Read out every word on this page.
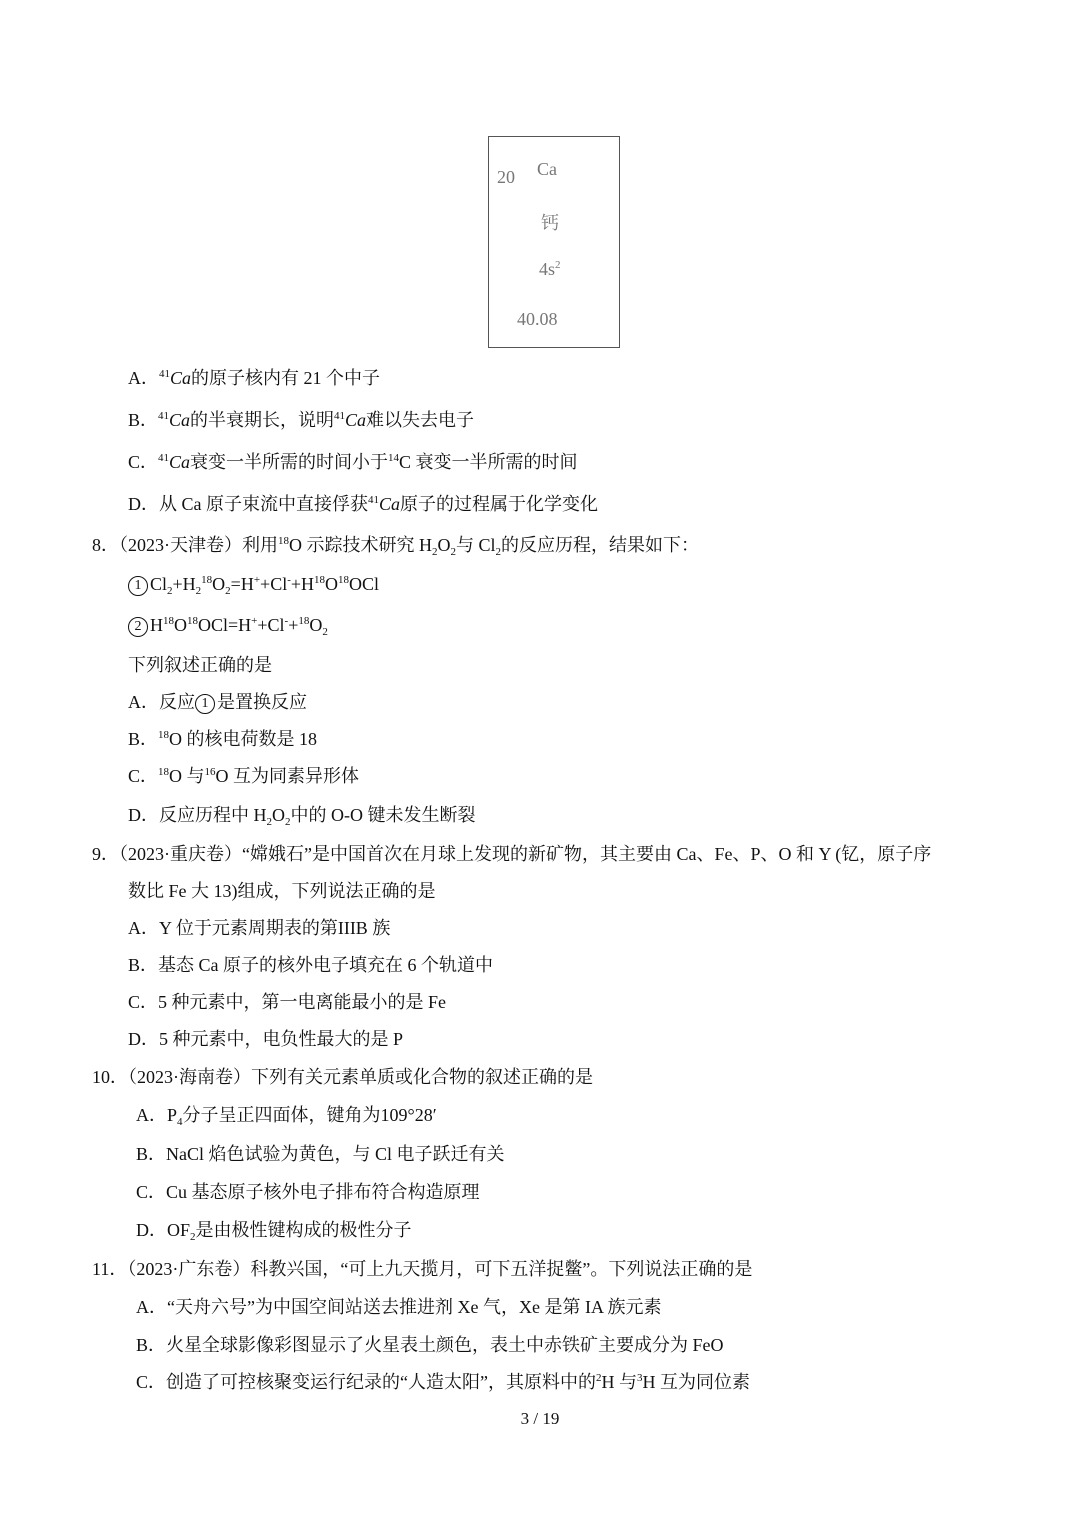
20 Ca
钙
$4s^2$
40.08
A．$^{41}$Ca的原子核内有 21 个中子
B．$^{41}$Ca的半衰期长，说明$^{41}$Ca难以失去电子
C．$^{41}$Ca衰变一半所需的时间小于$^{14}$C 衰变一半所需的时间
D．从 Ca 原子束流中直接俘获$^{41}$Ca原子的过程属于化学变化
8．（2023·天津卷）利用$^{18}$O 示踪技术研究 $H_2O_2$与 $Cl_2$的反应历程，结果如下：
1 $Cl_2+H_2^{18}O_2=H^++Cl^-+H^{18}O^{18}OCl$
2 $H^{18}O^{18}OCl=H^++Cl^-+^{18}O_2$
下列叙述正确的是
A．反应 1 是置换反应
B．$^{18}$O 的核电荷数是 18
C．$^{18}$O 与$^{16}$O 互为同素异形体
D．反应历程中 $H_2O_2$中的 O-O 键未发生断裂
9．（2023·重庆卷）“嫦娥石”是中国首次在月球上发现的新矿物，其主要由 Ca、Fe、P、O 和 Y (钇，原子序
数比 Fe 大 13)组成，下列说法正确的是
A．Y 位于元素周期表的第IIIB 族
B．基态 Ca 原子的核外电子填充在 6 个轨道中
C．5 种元素中，第一电离能最小的是 Fe
D．5 种元素中，电负性最大的是 P
10．（2023·海南卷）下列有关元素单质或化合物的叙述正确的是
A．$P_4$分子呈正四面体，键角为109°28′
B．NaCl 焰色试验为黄色，与 Cl 电子跃迁有关
C．Cu 基态原子核外电子排布符合构造原理
D．$OF_2$是由极性键构成的极性分子
11．（2023·广东卷）科教兴国，“可上九天揽月，可下五洋捉鳖”。下列说法正确的是
A．“天舟六号”为中国空间站送去推进剂 Xe 气，Xe 是第 IA 族元素
B．火星全球影像彩图显示了火星表土颜色，表土中赤铁矿主要成分为 FeO
C．创造了可控核聚变运行纪录的“人造太阳”，其原料中的$^2$H 与$^3$H 互为同位素
3 / 19
